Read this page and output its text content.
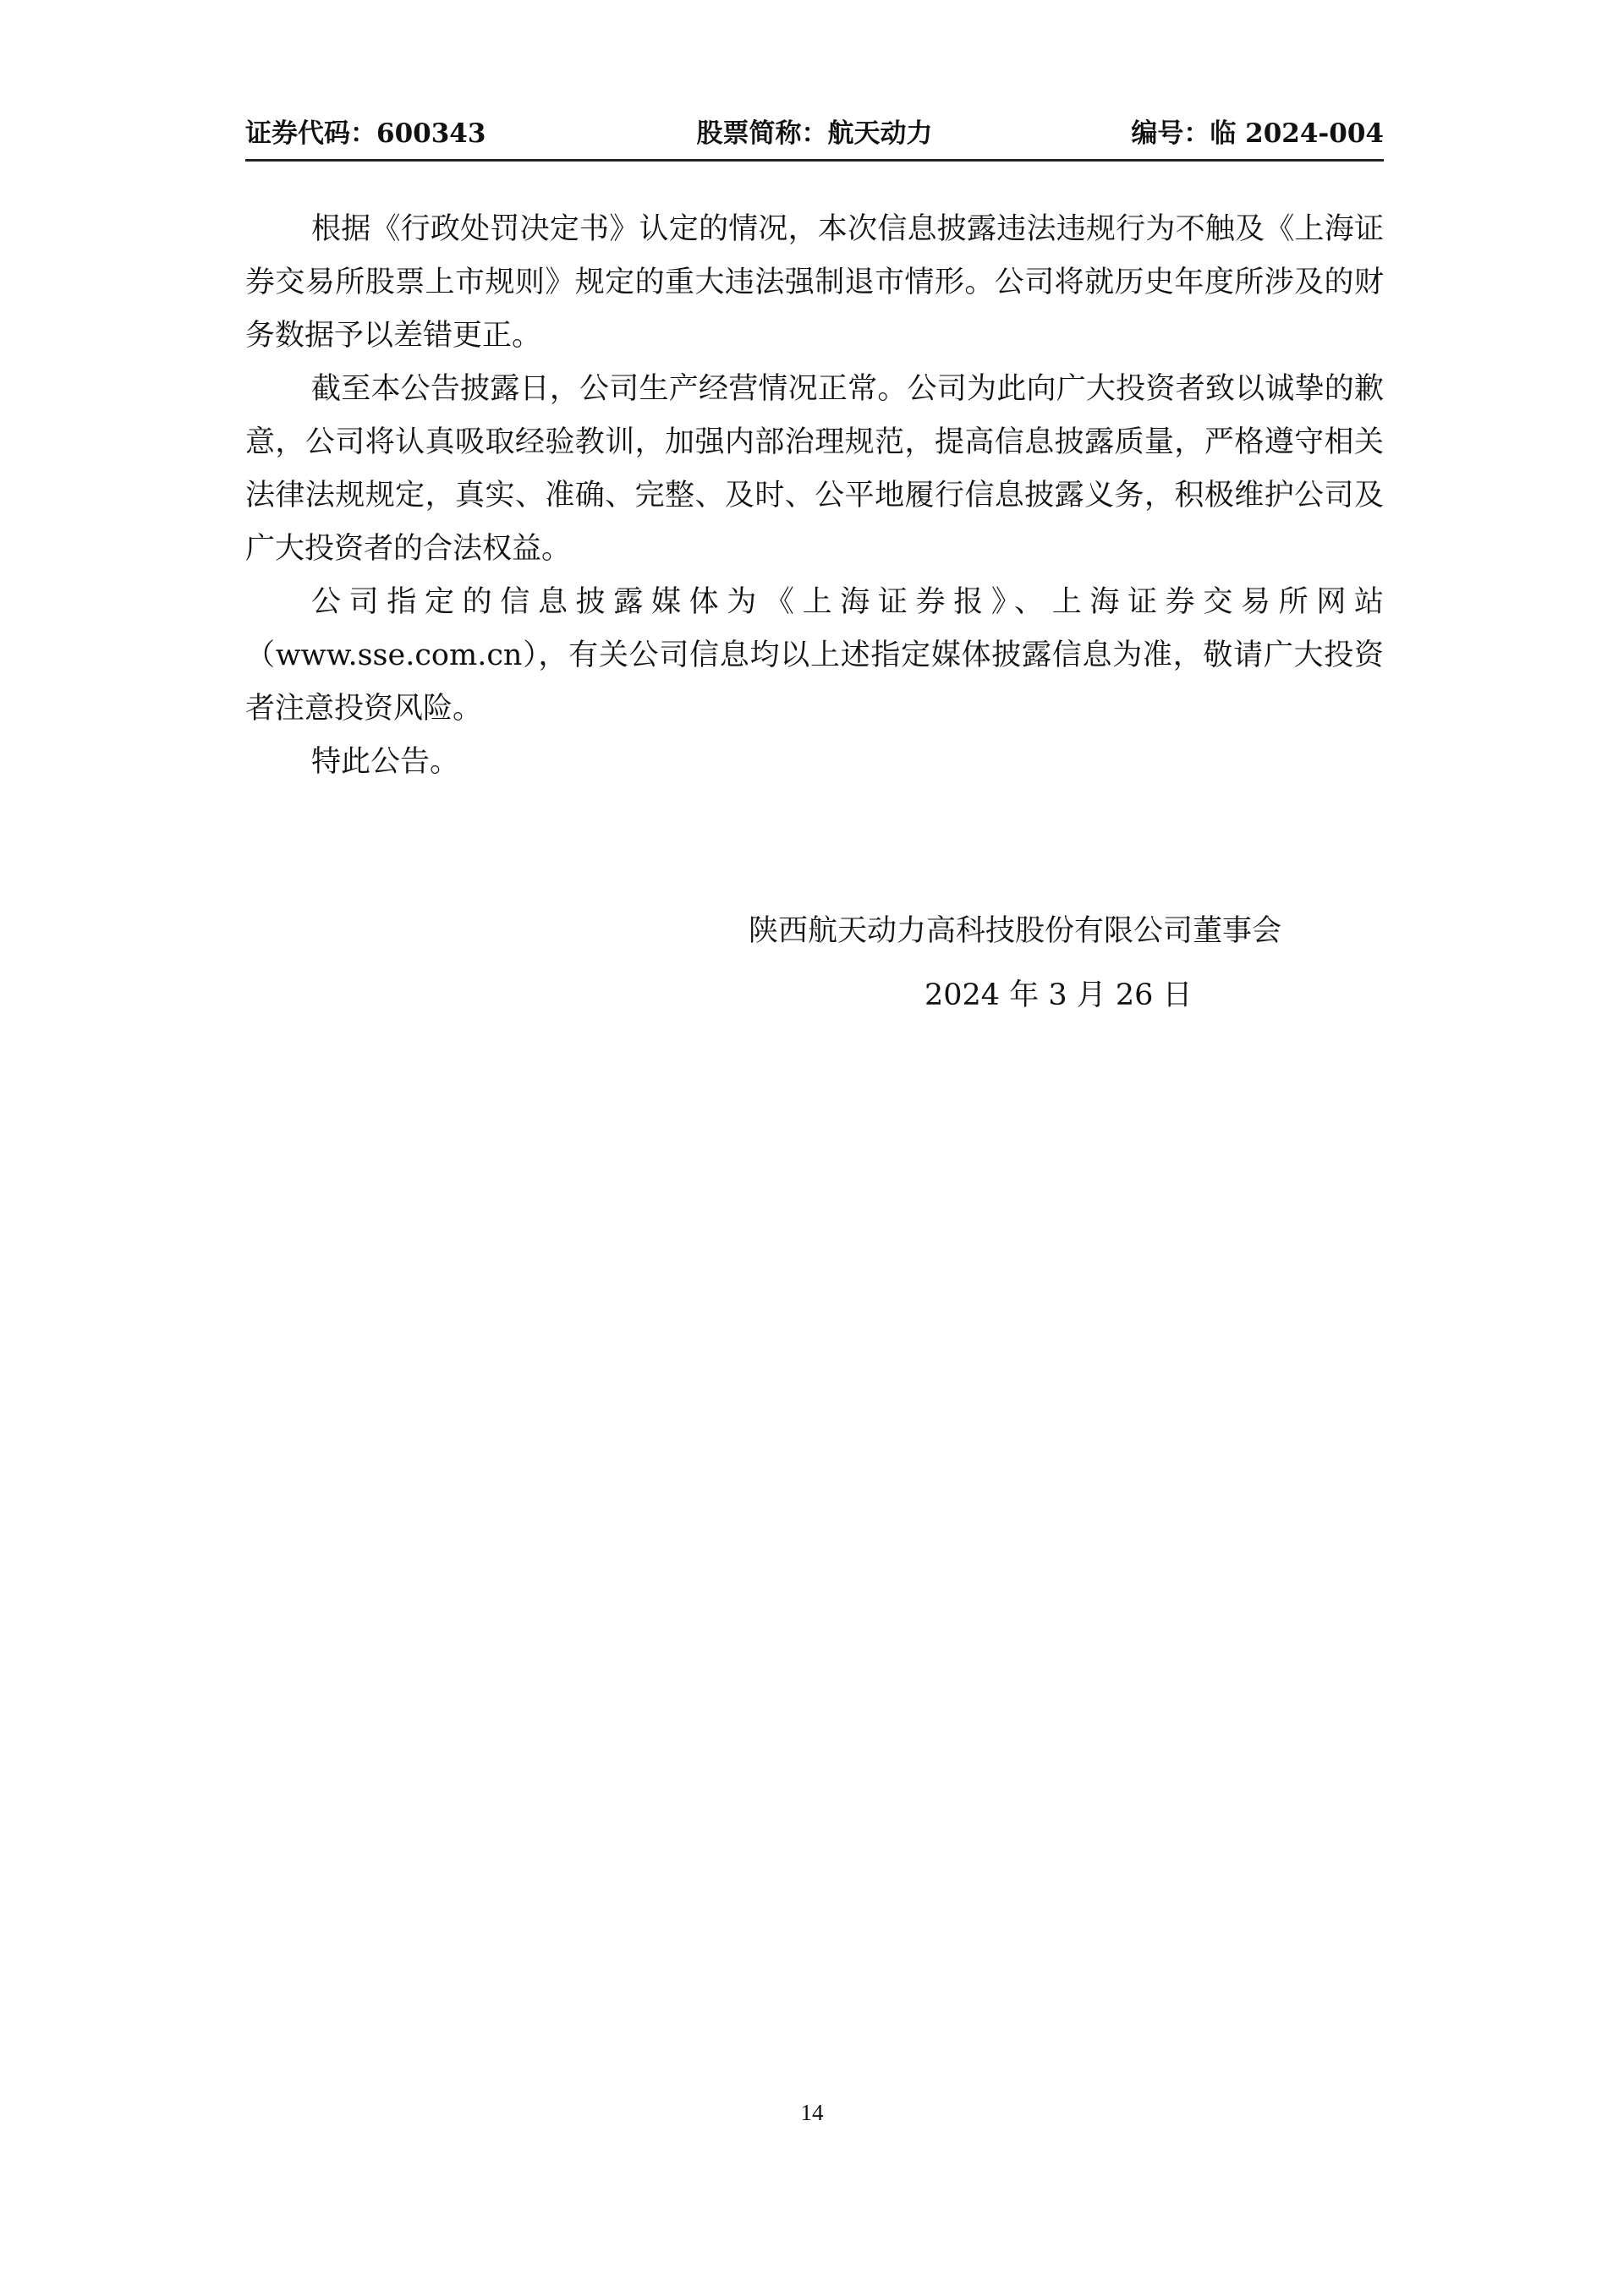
证券代码：600343	股票简称：航天动力	编号：临 2024-004

根据《行政处罚决定书》认定的情况，本次信息披露违法违规行为不触及《上海证券交易所股票上市规则》规定的重大违法强制退市情形。公司将就历史年度所涉及的财务数据予以差错更正。

截至本公告披露日，公司生产经营情况正常。公司为此向广大投资者致以诚挚的歉意，公司将认真吸取经验教训，加强内部治理规范，提高信息披露质量，严格遵守相关法律法规规定，真实、准确、完整、及时、公平地履行信息披露义务，积极维护公司及广大投资者的合法权益。

公司指定的信息披露媒体为《上海证券报》、上海证券交易所网站（www.sse.com.cn），有关公司信息均以上述指定媒体披露信息为准，敬请广大投资者注意投资风险。

特此公告。

陕西航天动力高科技股份有限公司董事会
2024 年 3 月 26 日
14
